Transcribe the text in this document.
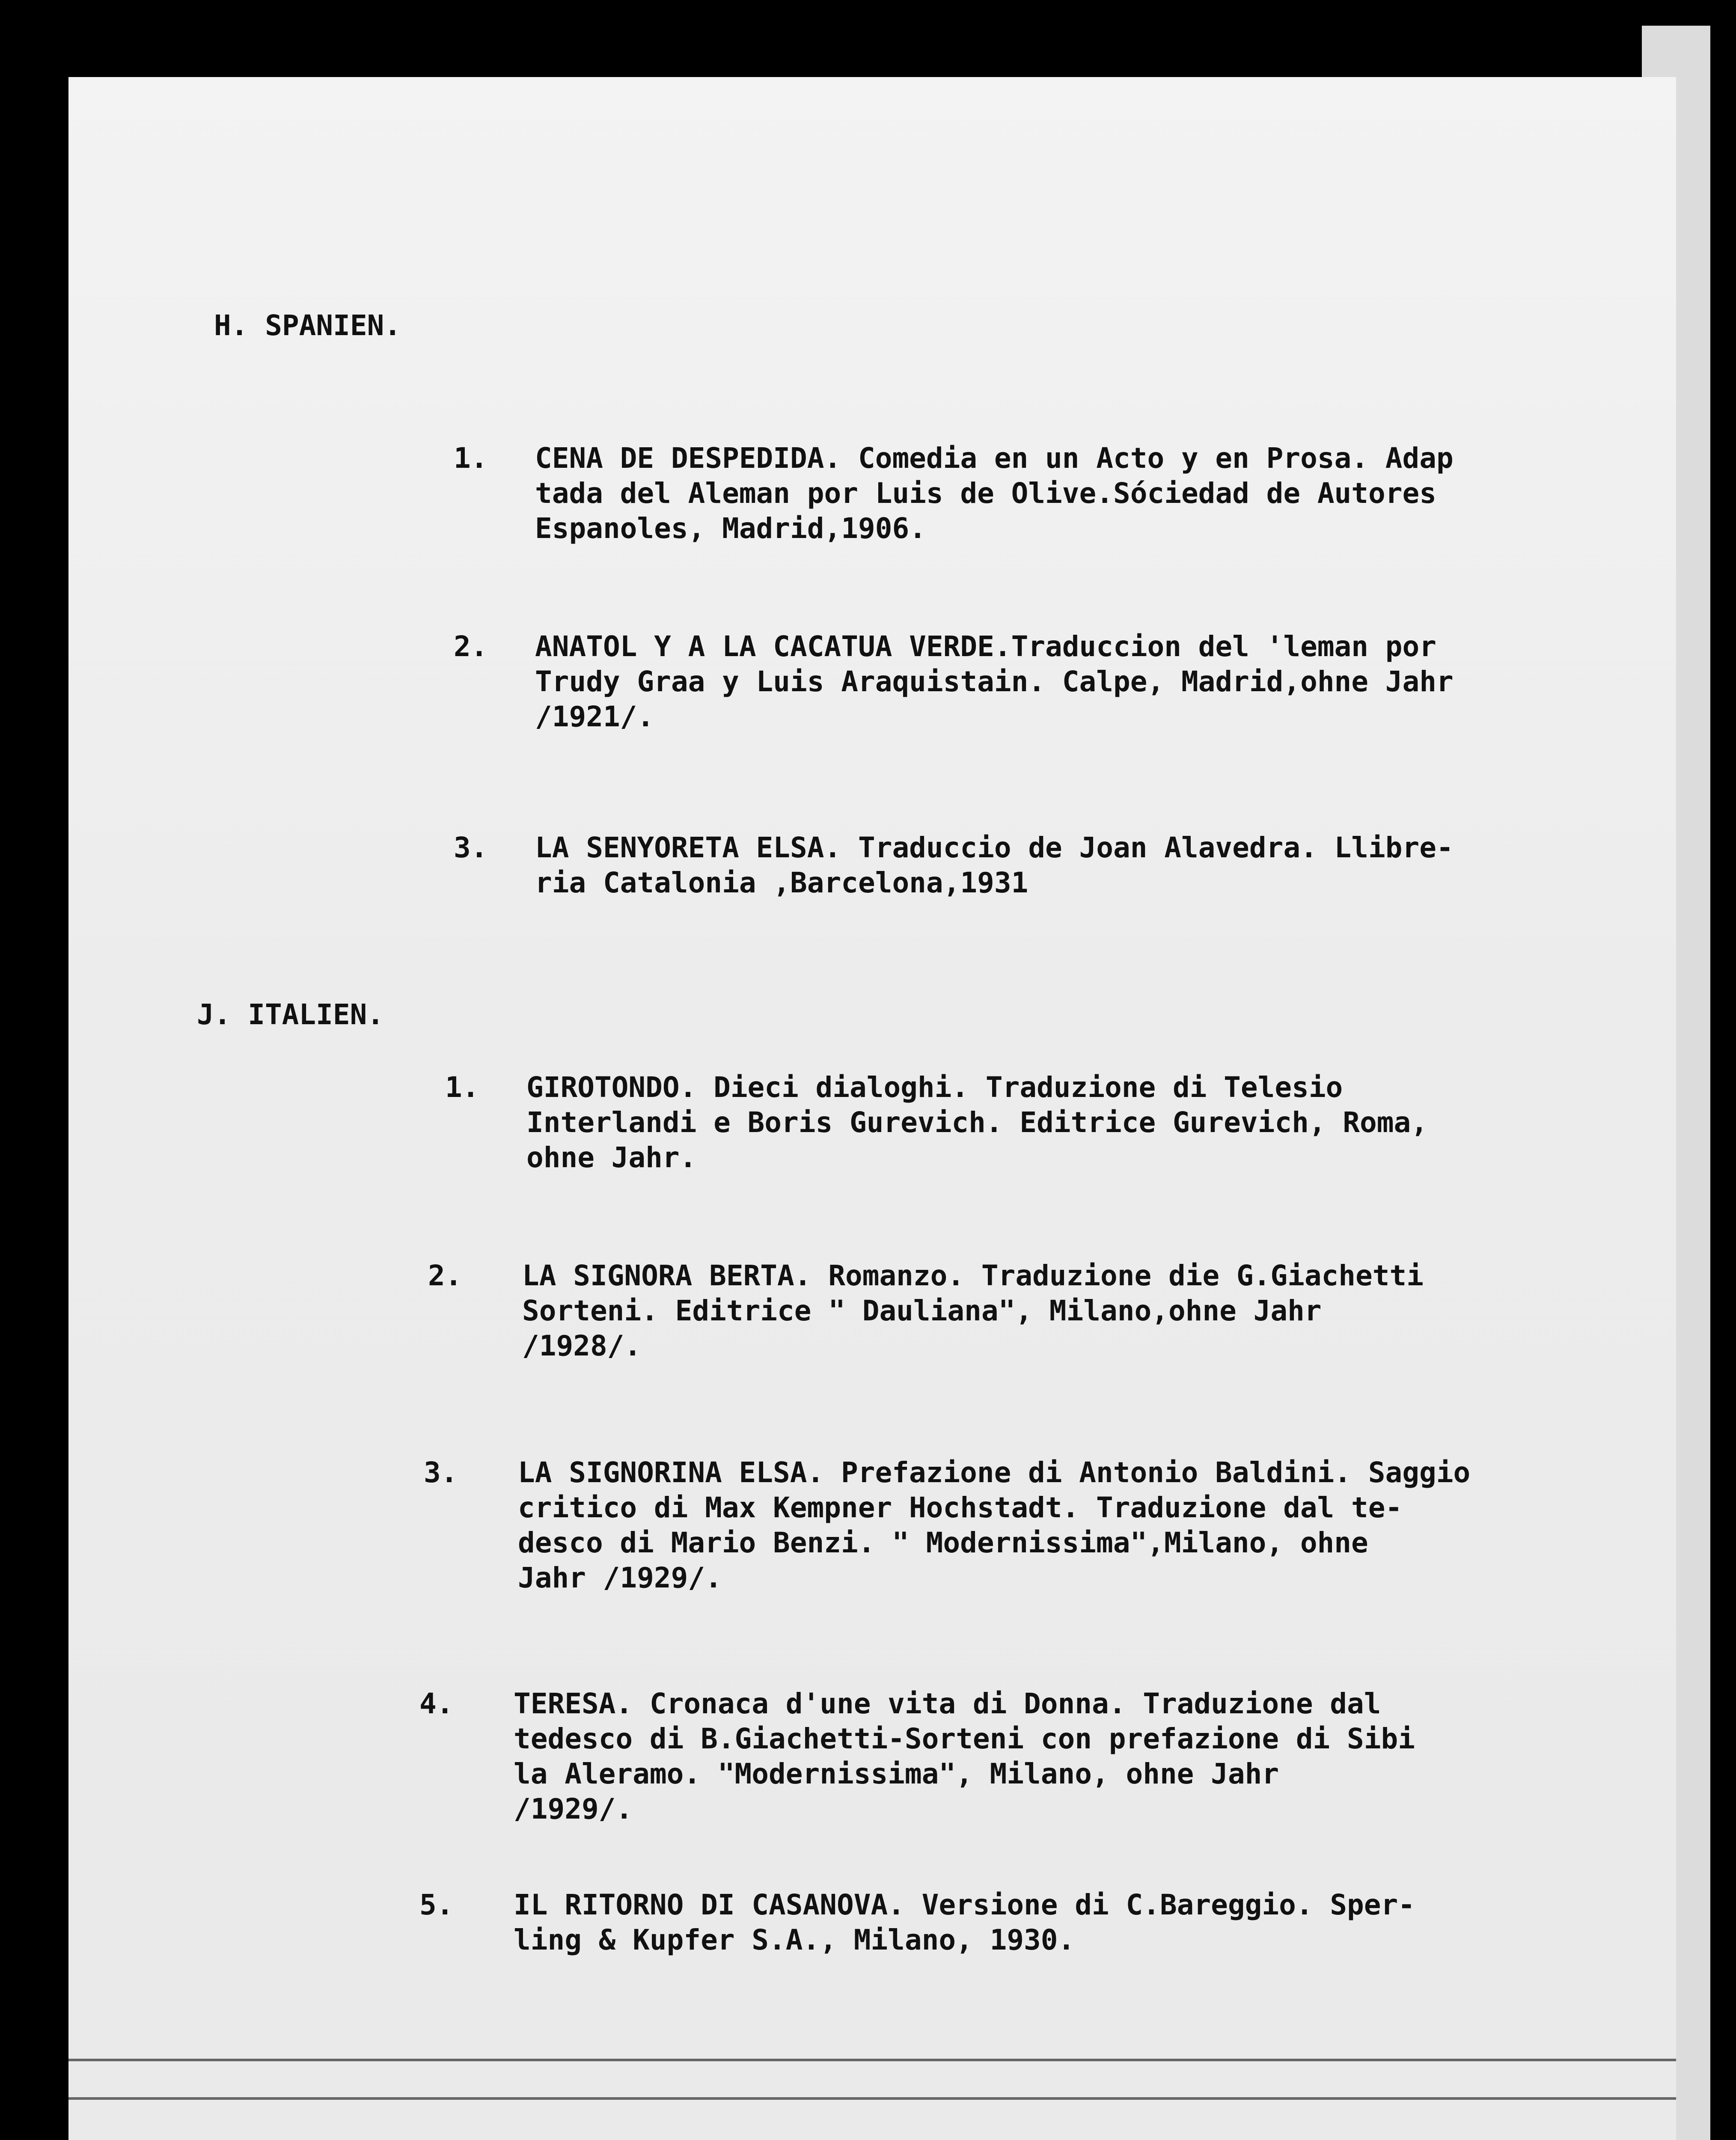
H. SPANIEN.
1. CENA DE DESPEDIDA. Comedia en un Acto y en Prosa. Adap
tada del Aleman por Luis de Olive.Sóciedad de Autores
Espanoles, Madrid,1906.
2. ANATOL Y A LA CACATUA VERDE.Traduccion del 'leman por
Trudy Graa y Luis Araquistain. Calpe, Madrid,ohne Jahr
/1921/.
3. LA SENYORETA ELSA. Traduccio de Joan Alavedra. Llibre-
ria Catalonia ,Barcelona,1931
J. ITALIEN.
1. GIROTONDO. Dieci dialoghi. Traduzione di Telesio
Interlandi e Boris Gurevich. Editrice Gurevich, Roma,
ohne Jahr.
2. LA SIGNORA BERTA. Romanzo. Traduzione die G.Giachetti
Sorteni. Editrice " Dauliana", Milano,ohne Jahr
/1928/.
3. LA SIGNORINA ELSA. Prefazione di Antonio Baldini. Saggio
critico di Max Kempner Hochstadt. Traduzione dal te-
desco di Mario Benzi. " Modernissima",Milano, ohne
Jahr /1929/.
4. TERESA. Cronaca d'une vita di Donna. Traduzione dal
tedesco di B.Giachetti-Sorteni con prefazione di Sibi
la Aleramo. "Modernissima", Milano, ohne Jahr
/1929/.
5. IL RITORNO DI CASANOVA. Versione di C.Bareggio. Sper-
ling & Kupfer S.A., Milano, 1930.
